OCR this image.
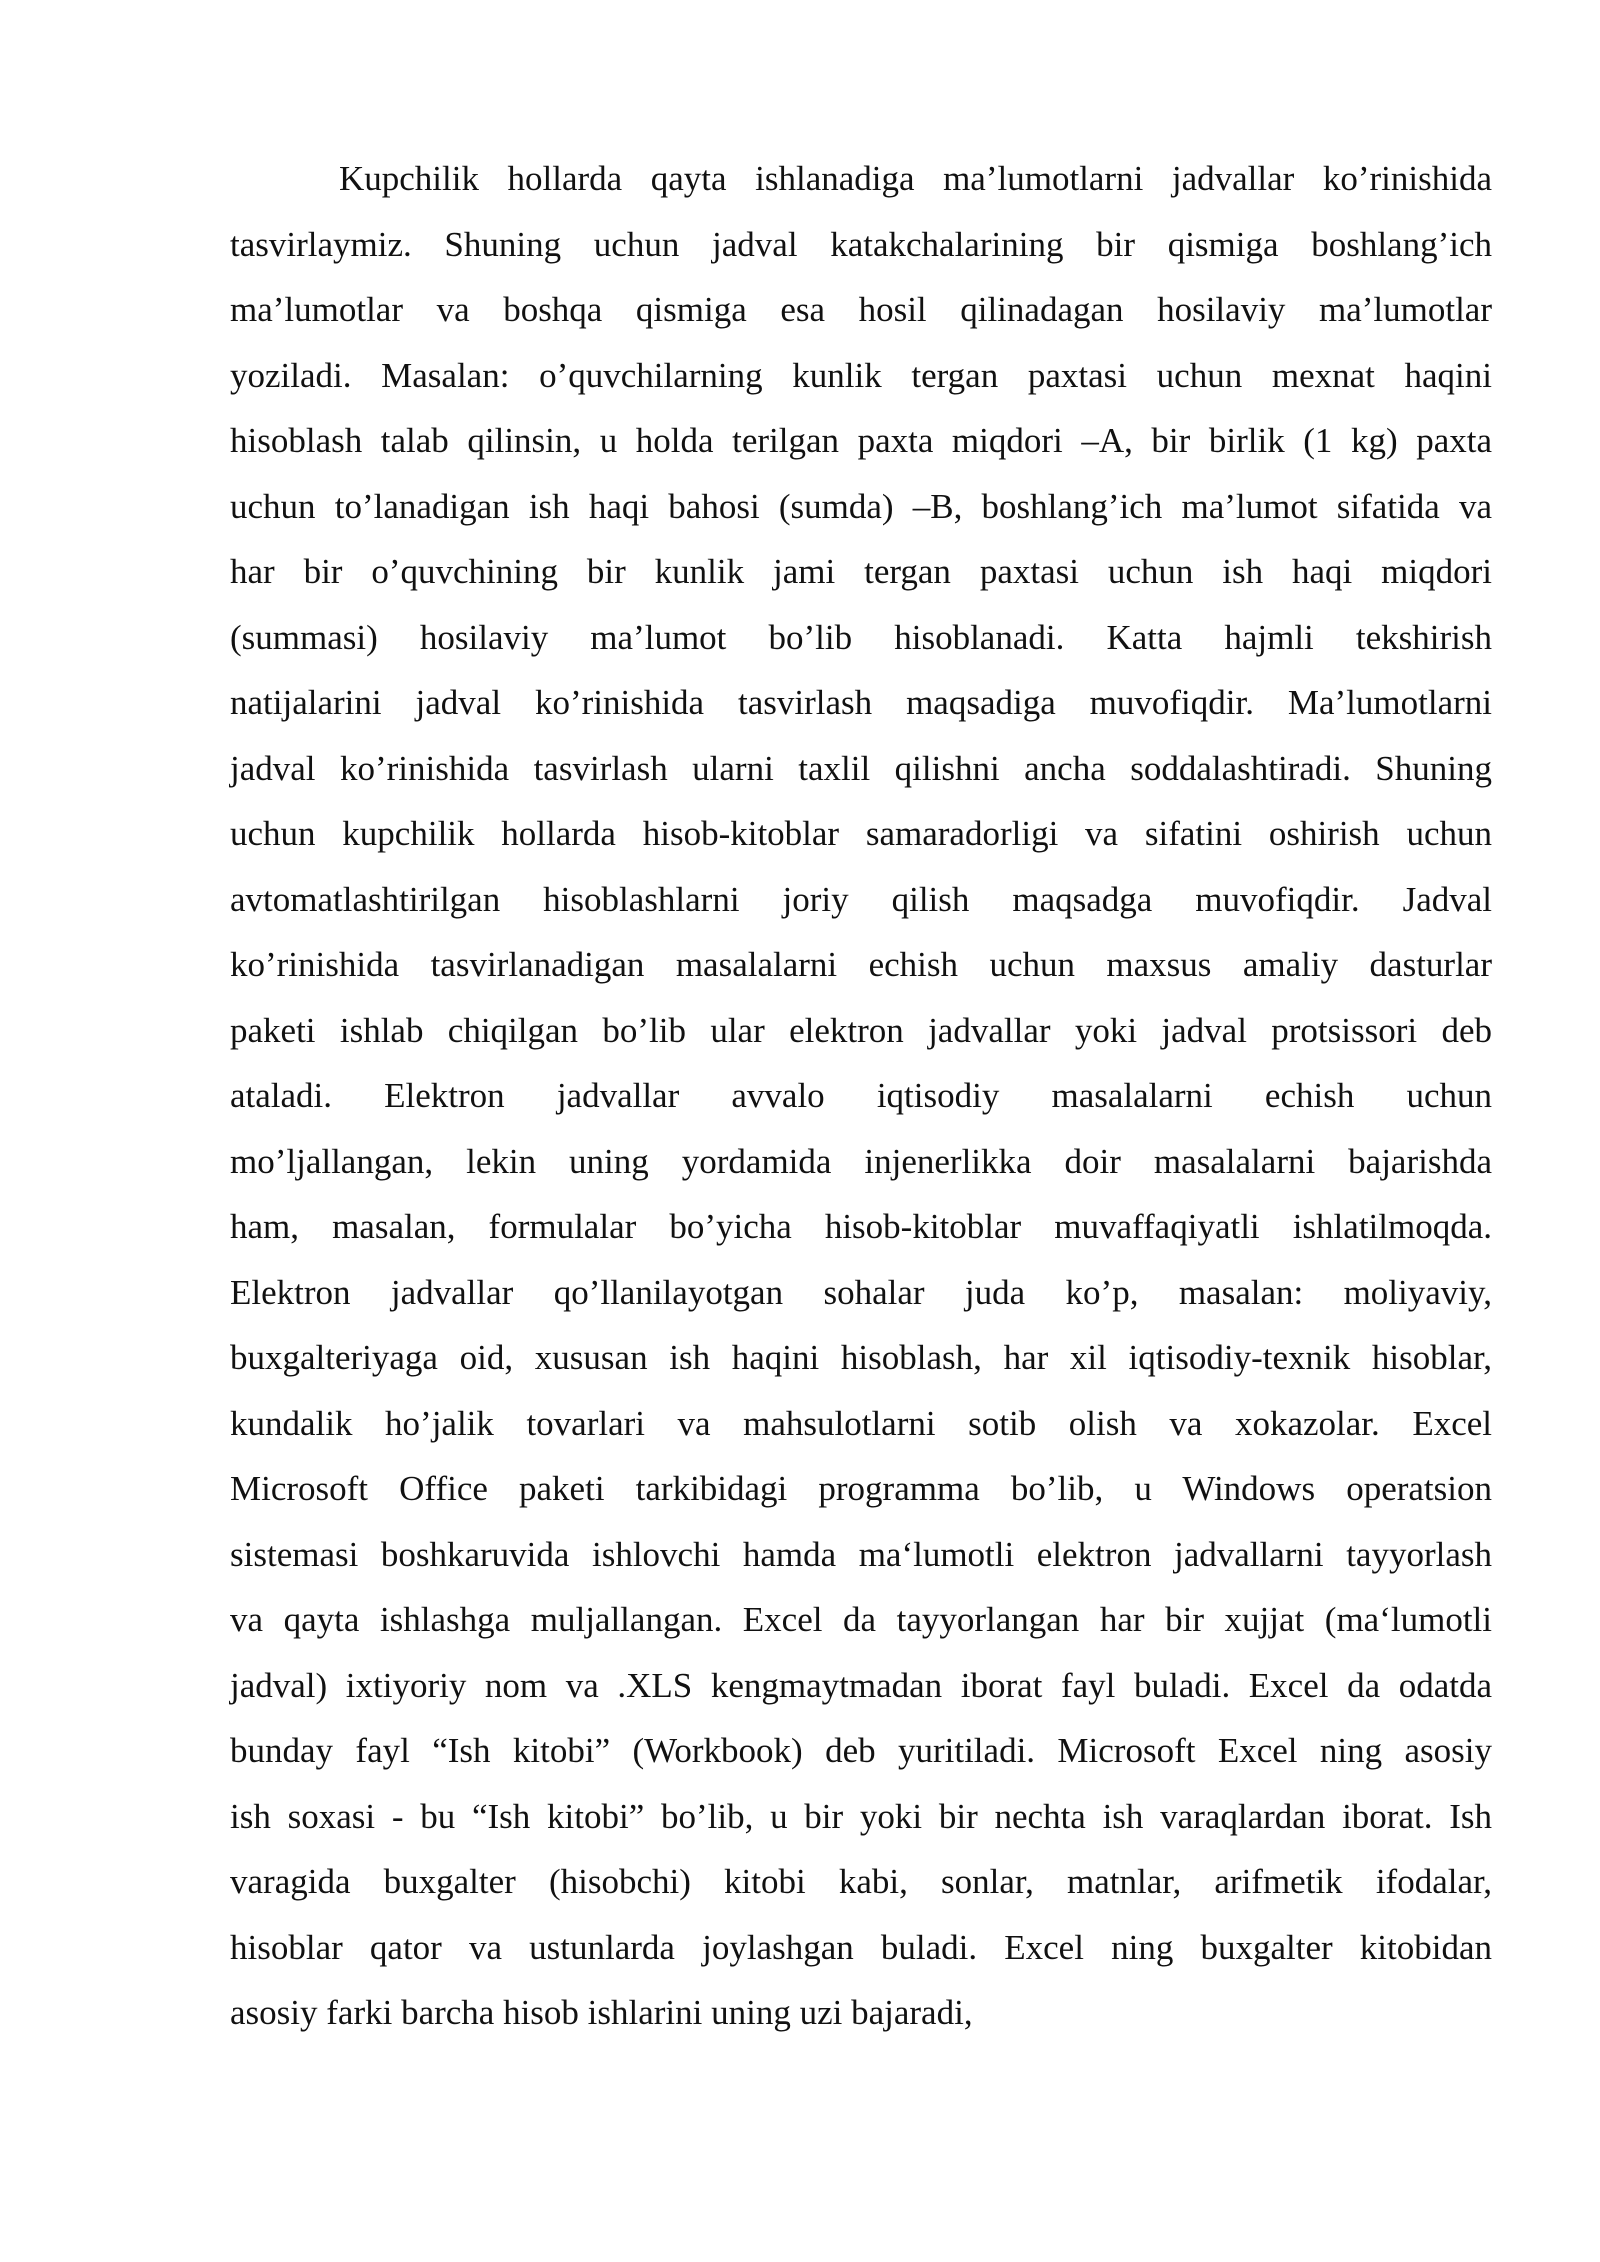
Kupchilik hollarda qayta ishlanadiga ma’lumotlarni jadvallar ko’rinishida
tasvirlaymiz. Shuning uchun jadval katakchalarining bir qismiga boshlang’ich
ma’lumotlar va boshqa qismiga esa hosil qilinadagan hosilaviy ma’lumotlar
yoziladi. Masalan: o’quvchilarning kunlik tergan paxtasi uchun mexnat haqini
hisoblash talab qilinsin, u holda terilgan paxta miqdori –A, bir birlik (1 kg) paxta
uchun to’lanadigan ish haqi bahosi (sumda) –B, boshlang’ich ma’lumot sifatida va
har bir o’quvchining bir kunlik jami tergan paxtasi uchun ish haqi miqdori
(summasi) hosilaviy ma’lumot bo’lib hisoblanadi. Katta hajmli tekshirish
natijalarini jadval ko’rinishida tasvirlash maqsadiga muvofiqdir. Ma’lumotlarni
jadval ko’rinishida tasvirlash ularni taxlil qilishni ancha soddalashtiradi. Shuning
uchun kupchilik hollarda hisob-kitoblar samaradorligi va sifatini oshirish uchun
avtomatlashtirilgan hisoblashlarni joriy qilish maqsadga muvofiqdir. Jadval
ko’rinishida tasvirlanadigan masalalarni echish uchun maxsus amaliy dasturlar
paketi ishlab chiqilgan bo’lib ular elektron jadvallar yoki jadval protsissori deb
ataladi. Elektron jadvallar avvalo iqtisodiy masalalarni echish uchun
mo’ljallangan, lekin uning yordamida injenerlikka doir masalalarni bajarishda
ham, masalan, formulalar bo’yicha hisob-kitoblar muvaffaqiyatli ishlatilmoqda.
Elektron jadvallar qo’llanilayotgan sohalar juda ko’p, masalan: moliyaviy,
buxgalteriyaga oid, xususan ish haqini hisoblash, har xil iqtisodiy-texnik hisoblar,
kundalik ho’jalik tovarlari va mahsulotlarni sotib olish va xokazolar. Excel
Microsoft Office paketi tarkibidagi programma bo’lib, u Windows operatsion
sistemasi boshkaruvida ishlovchi hamda ma‘lumotli elektron jadvallarni tayyorlash
va qayta ishlashga muljallangan. Excel da tayyorlangan har bir xujjat (ma‘lumotli
jadval) ixtiyoriy nom va .XLS kengmaytmadan iborat fayl buladi. Excel da odatda
bunday fayl “Ish kitobi” (Workbook) deb yuritiladi. Microsoft Excel ning asosiy
ish soxasi - bu “Ish kitobi” bo’lib, u bir yoki bir nechta ish varaqlardan iborat. Ish
varagida buxgalter (hisobchi) kitobi kabi, sonlar, matnlar, arifmetik ifodalar,
hisoblar qator va ustunlarda joylashgan buladi. Excel ning buxgalter kitobidan
asosiy farki barcha hisob ishlarini uning uzi bajaradi,
